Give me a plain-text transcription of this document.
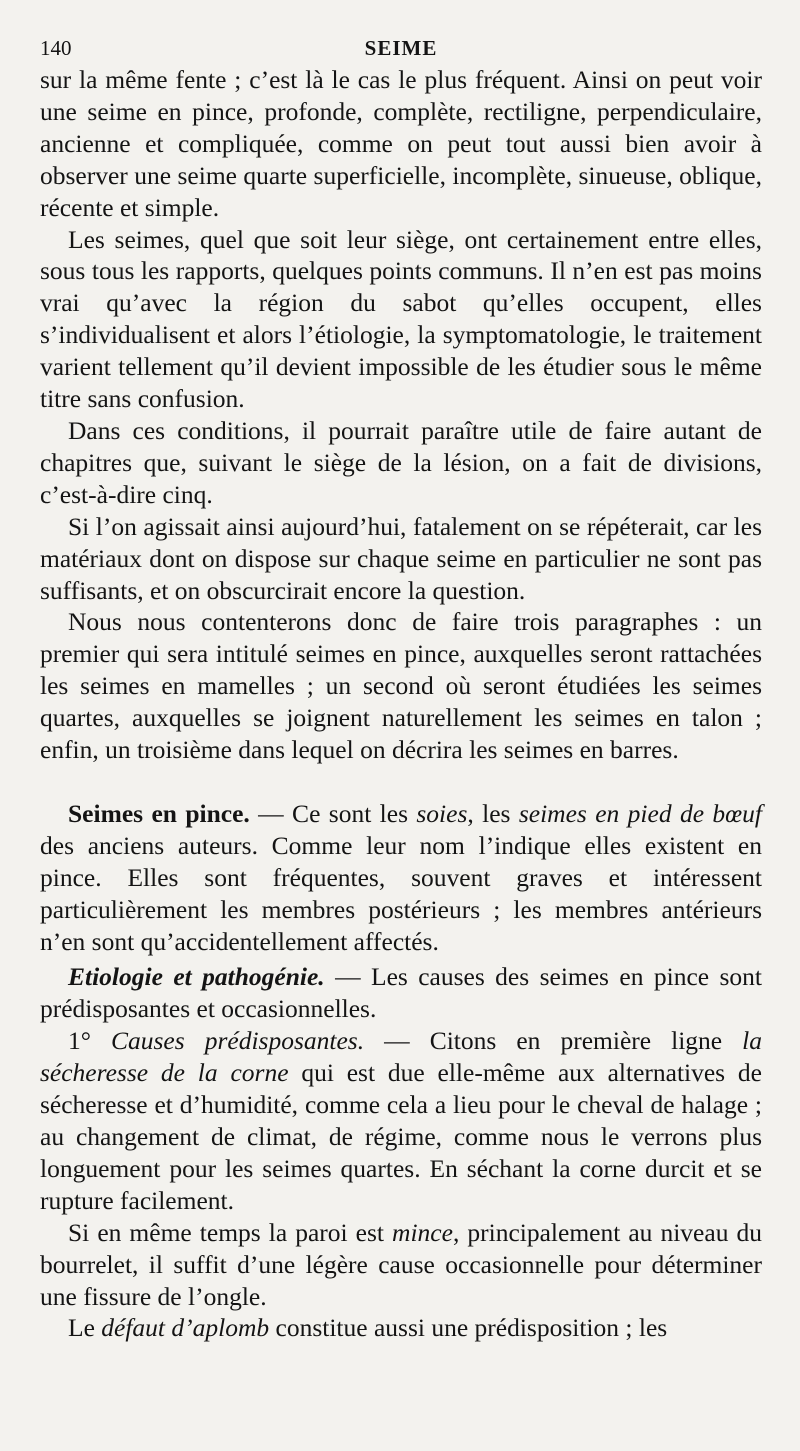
140	SEIME

sur la même fente ; c’est là le cas le plus fréquent. Ainsi on peut voir une seime en pince, profonde, complète, rectiligne, perpendiculaire, ancienne et compliquée, comme on peut tout aussi bien avoir à observer une seime quarte superficielle, incomplète, sinueuse, oblique, récente et simple.

Les seimes, quel que soit leur siège, ont certainement entre elles, sous tous les rapports, quelques points communs. Il n’en est pas moins vrai qu’avec la région du sabot qu’elles occupent, elles s’individualisent et alors l’étiologie, la symptomatologie, le traitement varient tellement qu’il devient impossible de les étudier sous le même titre sans confusion.

Dans ces conditions, il pourrait paraître utile de faire autant de chapitres que, suivant le siège de la lésion, on a fait de divisions, c’est-à-dire cinq.

Si l’on agissait ainsi aujourd’hui, fatalement on se répéterait, car les matériaux dont on dispose sur chaque seime en particulier ne sont pas suffisants, et on obscurcirait encore la question.

Nous nous contenterons donc de faire trois paragraphes : un premier qui sera intitulé seimes en pince, auxquelles seront rattachées les seimes en mamelles ; un second où seront étudiées les seimes quartes, auxquelles se joignent naturellement les seimes en talon ; enfin, un troisième dans lequel on décrira les seimes en barres.

Seimes en pince. — Ce sont les soies, les seimes en pied de bœuf des anciens auteurs. Comme leur nom l’indique elles existent en pince. Elles sont fréquentes, souvent graves et intéressent particulièrement les membres postérieurs ; les membres antérieurs n’en sont qu’accidentellement affectés.

Etiologie et pathogénie. — Les causes des seimes en pince sont prédisposantes et occasionnelles.

1° Causes prédisposantes. — Citons en première ligne la sécheresse de la corne qui est due elle-même aux alternatives de sécheresse et d’humidité, comme cela a lieu pour le cheval de halage ; au changement de climat, de régime, comme nous le verrons plus longuement pour les seimes quartes. En séchant la corne durcit et se rupture facilement.

Si en même temps la paroi est mince, principalement au niveau du bourrelet, il suffit d’une légère cause occasionnelle pour déterminer une fissure de l’ongle.

Le défaut d’aplomb constitue aussi une prédisposition ; les
